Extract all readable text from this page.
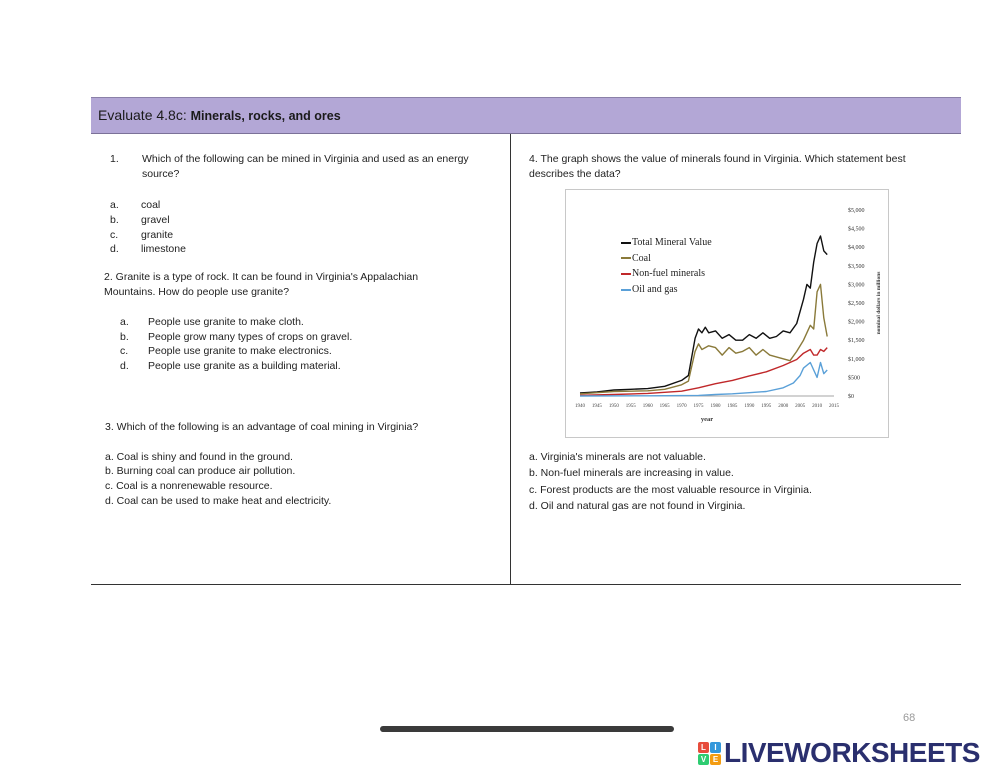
Evaluate 4.8c: Minerals, rocks, and ores
1.	Which of the following can be mined in Virginia and used as an energy source?
a. coal
b. gravel
c. granite
d. limestone
2. Granite is a type of rock. It can be found in Virginia's Appalachian Mountains. How do people use granite?
a. People use granite to make cloth.
b. People grow many types of crops on gravel.
c. People use granite to make electronics.
d. People use granite as a building material.
3. Which of the following is an advantage of coal mining in Virginia?
a. Coal is shiny and found in the ground.
b. Burning coal can produce air pollution.
c. Coal is a nonrenewable resource.
d. Coal can be used to make heat and electricity.
4. The graph shows the value of minerals found in Virginia. Which statement best describes the data?
1940 1945 1950 1955 1960 1965 1970 1975 1980 1985 1990 1995 2000 2005 2010 2015
year
$0
$500
$1,000
$1,500
$2,000
$2,500
$3,000
$3,500
$4,000
$4,500
$5,000
nominal dollars in millions
Total Mineral Value
Coal
Non-fuel minerals
Oil and gas
a. Virginia's minerals are not valuable.
b. Non-fuel minerals are increasing in value.
c. Forest products are the most valuable resource in Virginia.
d. Oil and natural gas are not found in Virginia.
68
L	I
V E LIVEWORKSHEETS
